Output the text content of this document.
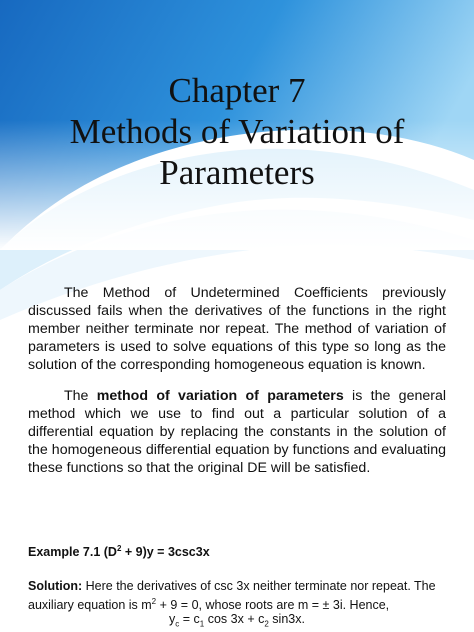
Chapter 7
Methods of Variation of
Parameters

The Method of Undetermined Coefficients previously discussed fails when the derivatives of the functions in the right member neither terminate nor repeat. The method of variation of parameters is used to solve equations of this type so long as the solution of the corresponding homogeneous equation is known.

The method of variation of parameters is the general method which we use to find out a particular solution of a differential equation by replacing the constants in the solution of the homogeneous differential equation by functions and evaluating these functions so that the original DE will be satisfied.

Example 7.1 $(D^2 + 9)y = 3\csc 3x$

Solution: Here the derivatives of csc 3x neither terminate nor repeat. The auxiliary equation is $m^2 + 9 = 0$, whose roots are m = ± 3i. Hence,

$y_c = c_1$ $\cos 3x + c_2$ sin3x.
